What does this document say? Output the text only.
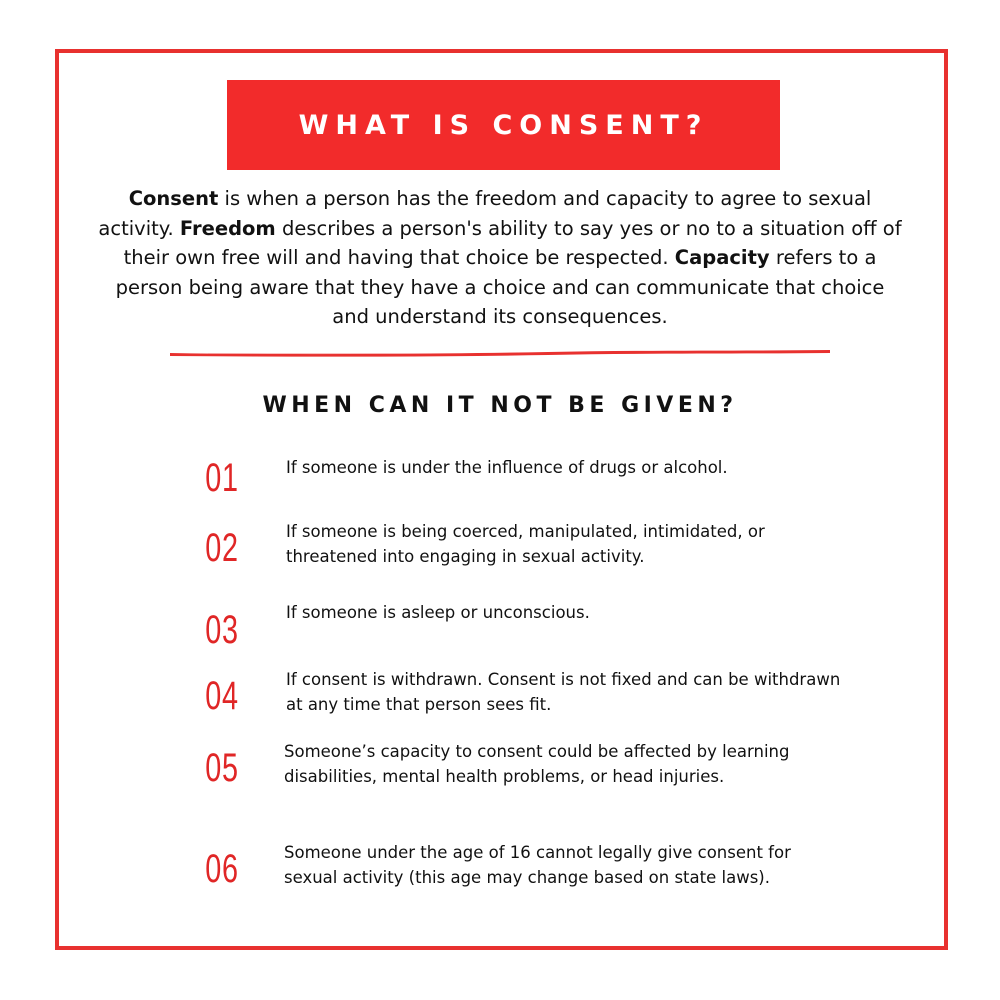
WHAT IS CONSENT?
Consent is when a person has the freedom and capacity to agree to sexual activity. Freedom describes a person's ability to say yes or no to a situation off of their own free will and having that choice be respected. Capacity refers to a person being aware that they have a choice and can communicate that choice and understand its consequences.
WHEN CAN IT NOT BE GIVEN?
01	If someone is under the influence of drugs or alcohol.
02	If someone is being coerced, manipulated, intimidated, or threatened into engaging in sexual activity.
03	If someone is asleep or unconscious.
04	If consent is withdrawn. Consent is not fixed and can be withdrawn at any time that person sees fit.
05	Someone’s capacity to consent could be affected by learning disabilities, mental health problems, or head injuries.
06	Someone under the age of 16 cannot legally give consent for sexual activity (this age may change based on state laws).
